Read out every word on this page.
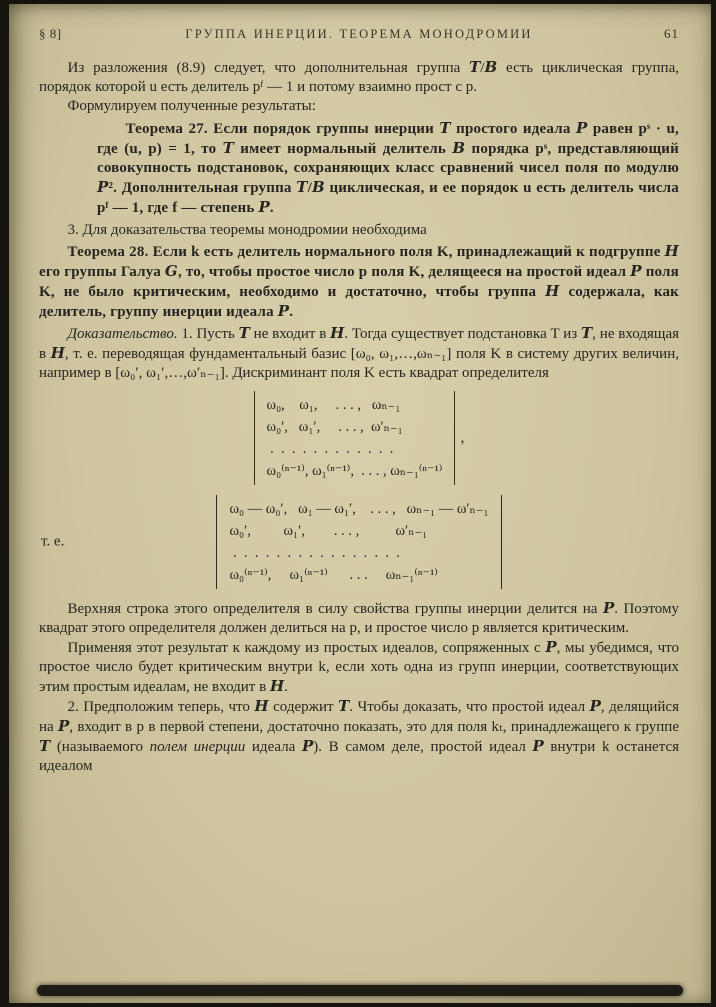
§ 8]	ГРУППА ИНЕРЦИИ. ТЕОРЕМА МОНОДРОМИИ	61

Из разложения (8.9) следует, что дополнительная группа T/B есть циклическая группа, порядок которой u есть делитель pᶠ — 1 и потому взаимно прост с p.

Формулируем полученные результаты:

Теорема 27. Если порядок группы инерции T простого идеала P равен pˢ · u, где (u, p) = 1, то T имеет нормальный делитель B порядка pˢ, представляющий совокупность подстановок, сохраняющих класс сравнений чисел поля по модулю P². Дополнительная группа T/B циклическая, и ее порядок u есть делитель числа pᶠ — 1, где f — степень P.

3. Для доказательства теоремы монодромии необходима

Теорема 28. Если k есть делитель нормального поля K, принадлежащий к подгруппе H его группы Галуа G, то, чтобы простое число p поля K, делящееся на простой идеал P поля K, не было критическим, необходимо и достаточно, чтобы группа H содержала, как делитель, группу инерции идеала P.

Доказательство. 1. Пусть T не входит в H. Тогда существует подстановка T из T, не входящая в H, т. е. переводящая фундаментальный базис [ω₀, ω₁,…,ωₙ₋₁] поля K в систему других величин, например в [ω₀′, ω₁′,…,ω′ₙ₋₁]. Дискриминант поля K есть квадрат определителя

ω₀,    ω₁,     . . . ,   ωₙ₋₁
ω₀′,   ω₁′,     . . . ,  ω′ₙ₋₁
.  .  .  .  .  .  .  .  .  .  .  .
ω₀⁽ⁿ⁻¹⁾, ω₁⁽ⁿ⁻¹⁾,  . . . , ωₙ₋₁⁽ⁿ⁻¹⁾
,
т. е.
ω₀ — ω₀′,   ω₁ — ω₁′,    . . . ,   ωₙ₋₁ — ω′ₙ₋₁
ω₀′,         ω₁′,        . . . ,          ω′ₙ₋₁
.  .  .  .  .  .  .  .  .  .  .  .  .  .  .  .
ω₀⁽ⁿ⁻¹⁾,     ω₁⁽ⁿ⁻¹⁾      . . .     ωₙ₋₁⁽ⁿ⁻¹⁾

Верхняя строка этого определителя в силу свойства группы инерции делится на P. Поэтому квадрат этого определителя должен делиться на p, и простое число p является критическим.

Применяя этот результат к каждому из простых идеалов, сопряженных с P, мы убедимся, что простое число будет критическим внутри k, если хоть одна из групп инерции, соответствующих этим простым идеалам, не входит в H.

2. Предположим теперь, что H содержит T. Чтобы доказать, что простой идеал P, делящийся на P, входит в p в первой степени, достаточно показать, это для поля kₜ, принадлежащего к группе T (называемого полем инерции идеала P). В самом деле, простой идеал P внутри k останется идеалом
